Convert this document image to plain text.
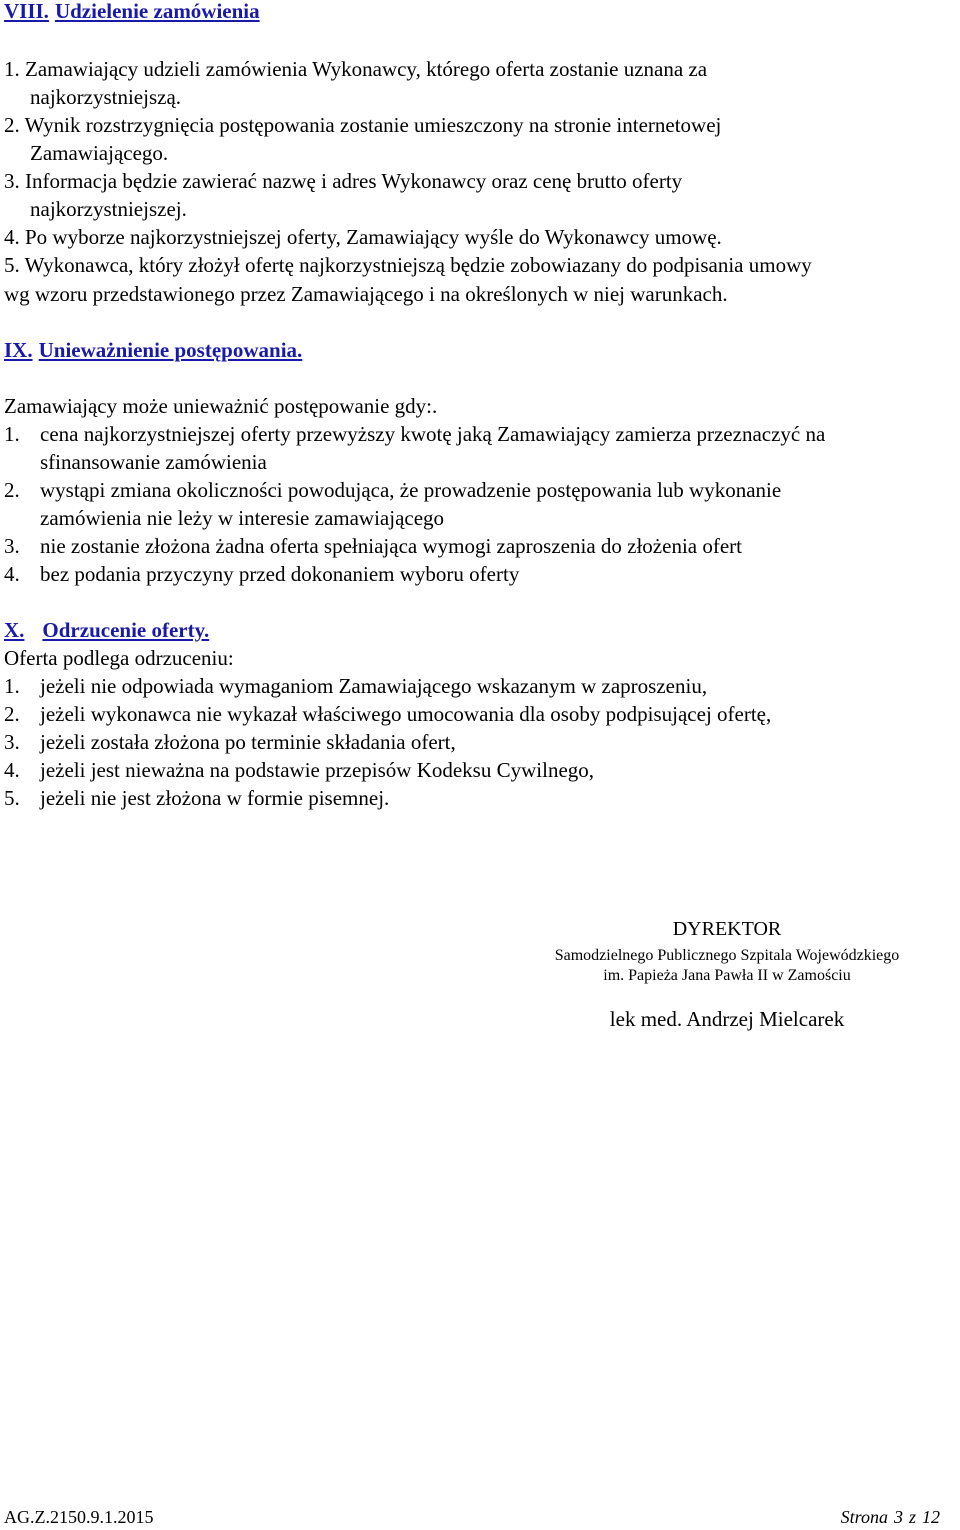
VIII. Udzielenie zamówienia
1. Zamawiający udzieli zamówienia Wykonawcy, którego oferta zostanie uznana za
najkorzystniejszą.
2. Wynik rozstrzygnięcia postępowania zostanie umieszczony na stronie internetowej
Zamawiającego.
3. Informacja będzie zawierać nazwę i adres Wykonawcy oraz cenę brutto oferty
najkorzystniejszej.
4. Po wyborze najkorzystniejszej oferty, Zamawiający wyśle do Wykonawcy umowę.
5. Wykonawca, który złożył ofertę najkorzystniejszą będzie zobowiazany do podpisania umowy
wg wzoru przedstawionego przez Zamawiającego i na określonych w niej warunkach.
IX. Unieważnienie postępowania.
Zamawiający może unieważnić postępowanie gdy:.
1. cena najkorzystniejszej oferty przewyższy kwotę jaką Zamawiający zamierza przeznaczyć na
sfinansowanie zamówienia
2. wystąpi zmiana okoliczności powodująca, że prowadzenie postępowania lub wykonanie
zamówienia nie leży w interesie zamawiającego
3. nie zostanie złożona żadna oferta spełniająca wymogi zaproszenia do złożenia ofert
4. bez podania przyczyny przed dokonaniem wyboru oferty
X. Odrzucenie oferty.
Oferta podlega odrzuceniu:
1. jeżeli nie odpowiada wymaganiom Zamawiającego wskazanym w zaproszeniu,
2. jeżeli wykonawca nie wykazał właściwego umocowania dla osoby podpisującej ofertę,
3. jeżeli została złożona po terminie składania ofert,
4. jeżeli jest nieważna na podstawie przepisów Kodeksu Cywilnego,
5. jeżeli nie jest złożona w formie pisemnej.
DYREKTOR
Samodzielnego Publicznego Szpitala Wojewódzkiego
im. Papieża Jana Pawła II w Zamościu
lek med. Andrzej Mielcarek
AG.Z.2150.9.1.2015	Strona 3 z 12
